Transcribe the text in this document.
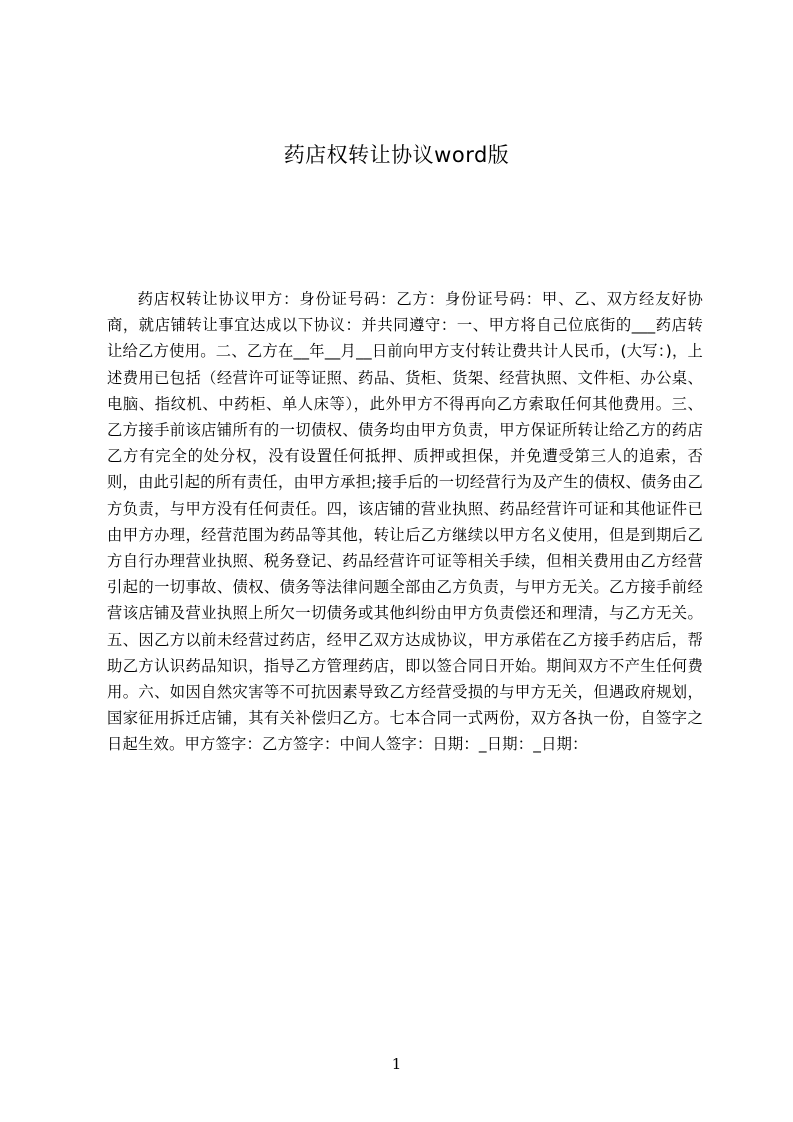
药店权转让协议word版

药店权转让协议甲方：身份证号码：乙方：身份证号码：甲、乙、双方经友好协商，就店铺转让事宜达成以下协议：并共同遵守：一、甲方将自己位底街的___药店转让给乙方使用。二、乙方在__年__月__日前向甲方支付转让费共计人民币，(大写：)，上述费用已包括（经营许可证等证照、药品、货柜、货架、经营执照、文件柜、办公桌、电脑、指纹机、中药柜、单人床等），此外甲方不得再向乙方索取任何其他费用。三、乙方接手前该店铺所有的一切债权、债务均由甲方负责，甲方保证所转让给乙方的药店乙方有完全的处分权，没有设置任何抵押、质押或担保，并免遭受第三人的追索，否则，由此引起的所有责任，由甲方承担;接手后的一切经营行为及产生的债权、债务由乙方负责，与甲方没有任何责任。四，该店铺的营业执照、药品经营许可证和其他证件已由甲方办理，经营范围为药品等其他，转让后乙方继续以甲方名义使用，但是到期后乙方自行办理营业执照、税务登记、药品经营许可证等相关手续，但相关费用由乙方经营引起的一切事故、债权、债务等法律问题全部由乙方负责，与甲方无关。乙方接手前经营该店铺及营业执照上所欠一切债务或其他纠纷由甲方负责偿还和理清，与乙方无关。五、因乙方以前未经营过药店，经甲乙双方达成协议，甲方承偌在乙方接手药店后，帮助乙方认识药品知识，指导乙方管理药店，即以签合同日开始。期间双方不产生任何费用。六、如因自然灾害等不可抗因素导致乙方经营受损的与甲方无关，但遇政府规划，国家征用拆迁店铺，其有关补偿归乙方。七本合同一式两份，双方各执一份，自签字之日起生效。甲方签字：乙方签字：中间人签字：日期：_日期：_日期：

1
